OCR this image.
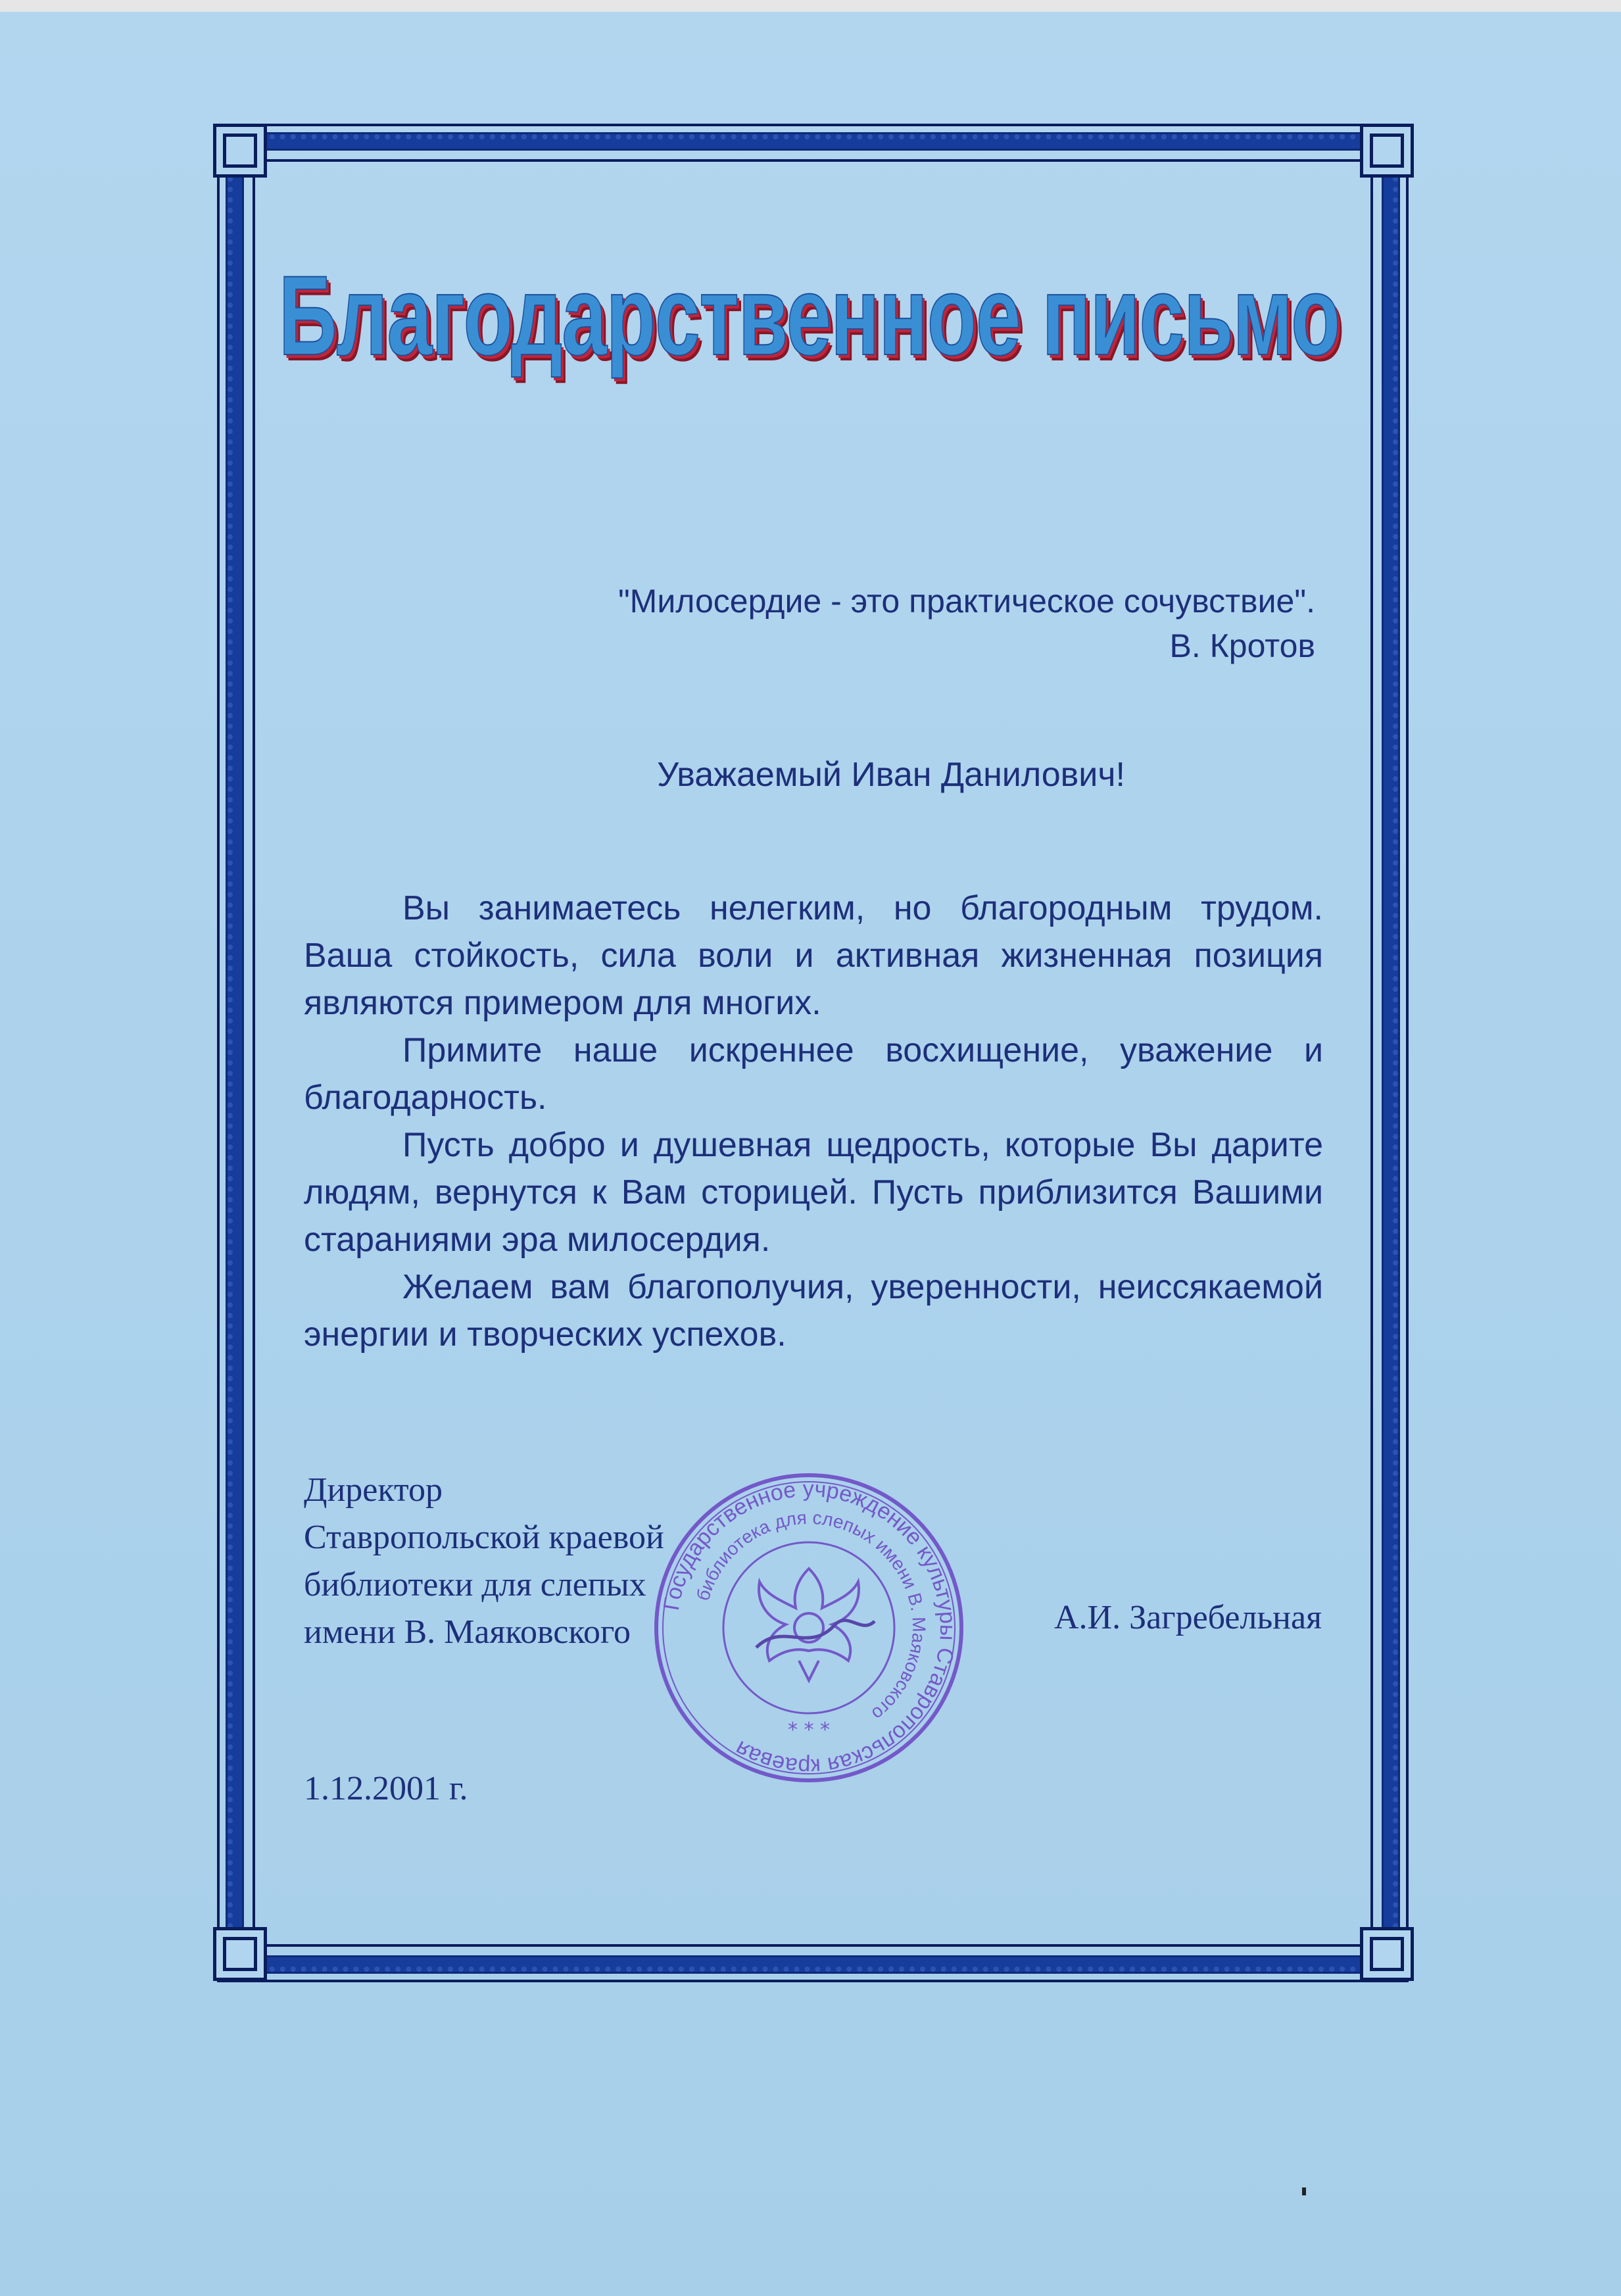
Благодарственное письмо
"Милосердие - это практическое сочувствие".
В. Кротов
Уважаемый Иван Данилович!

Вы занимаетесь нелегким, но благородным трудом. Ваша стойкость, сила воли и активная жизненная позиция являются примером для многих.

Примите наше искреннее восхищение, уважение и благодарность.

Пусть добро и душевная щедрость, которые Вы дарите людям, вернутся к Вам сторицей. Пусть приблизится Вашими стараниями эра милосердия.

Желаем вам благополучия, уверенности, неиссякаемой энергии и творческих успехов.

Директор
Ставропольской краевой
библиотеки для слепых
имени В. Маяковского	А.И. Загребельная
Государственное учреждение культуры Ставропольская краевая
библиотека для слепых имени В. Маяковского
* * *
1.12.2001 г.
